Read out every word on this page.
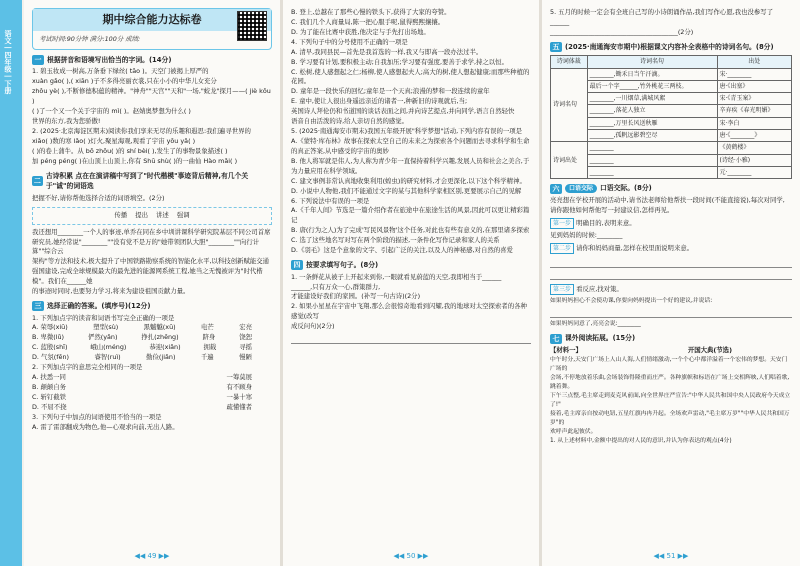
语文 | 四年级 | 下册
期中综合能力达标卷
考试时间:90分钟 满分:100分 成绩:
一 根据拼音和语境写出恰当的字词。(14分)
1. 碧玉妆成一树高,万条垂下绿丝( tāo )。天空门被揭上厚严的
xuàn gǎo( ),( xiān )子不多得亮丽衣裳,只在小小的中华儿女充分
zhǒu yè( ),不断修德积蕴的精神。"神舟""天宫""天和"一场,"蛟龙"探月——( jiè kǒu )
( )了一个又一个关于宇宙的 mì( )。赵婧奥梦想为什么( )
世界的东方,我为您骄傲!
2. (2025·北京海淀区期末)阅读你我们享来无尽的乐趣和遐思:我们遍寻世界的
xiǎo( )数的寒 lǎo( )灯火,聚星海观,观看了宇宙 yōu yǎ( )
( )的卷上蒲牛。从 bō zhōu( )的 shí bèi( ),发生了的事物景象描述( )
加 péng péng( )在山顶上山顶上,你有 Shū shù( )的一曲仙 Hào mǎi( )
二
古诗积累 点在在演讲稿中写到了"时代楷模"事迹背后精神,有几个关于"诚"的词语选
把握不好,请你帮他选择合适的词语填空。(2分)
传播 提出 讲述 强调
我还想用________一个人的事迹,单乔在同在乡中圳讲课科学研究院基层不同公司首席
研究员,她经常说"________""没有党不是万的"她带领团队大胆"________""向行计算""综合云
架构"等方法和技术,极大提升了中国铁路勘察系统的智能化水平,以科技创新赋能交通
强国建设,完成全球规模最大的最先进的能源网系统工程,她当之无愧被评为"时代楷模"。我们在______她
的事迹时同时,也要努力学习,将来为建设祖国贡献力量。
三 选择正确的答案。(填序号)(12分)
1. 下列加点字的读音和词语书写完全正确的一项是
A. 荣辱(xiū)	塑型(sù)	黑魆魆(xū)	电芒	宏亮
B. 卑微(lǔ)	俨然(yǎn)	挣扎(zhēng)	跻身	饶恕
C. 蓝殷(shī)	峨山(méng)	恭迎(xiǎn)	拥载	寻摇
D. 气氛(fēn)	睿智(ruì)	勤俭(jiǎn)	千遍	慢陋
2. 下列加点字的意思完全相同的一项是
A. 扶悉一同	一筹莫展
B. 颠颠自务	有不顾身
C. 斩钉截铁	一暴十寒
D. 不屈不挠	疏懂懂者
3. 下列句子中加点的词语使用不恰当的一项是
A. 雷了雷部翻成为物色,他—心观求向前,无出人路。
◀◀ 49 ▶▶
B. 登上,总越在了那些心慢的铁头下,获得了大家的夸赞。
C. 我们几个人商量局,陈一把心服手呢,鼠得熙熙攘攘。
D. 为了能在比赛中获胜,他决定与手先打出场地。
4. 下列句子中的分号使用不正确的一项是
A. 清早,我同县民—首先是我首选的一样,我又与即高一段办法过半。
B. 学习要有计划,要积极主动;自我加压;学习要有强度,要善于求学,持之以恒。
C. 松树,使人感想起之仁;杨柳,使人感想起夫人;高大的树,使人想起健康;而那些种植的花园。
D. 童年是一段快乐的回忆;童年是一个天真;浪漫的梦和一段连续的童年
E. 童中,使让人很出身遥远亲近的诸者一,种新旧的诗观就后,当;
英国诗人拜伦仍和书道国的谈话表面之间,并向诗艺提点,并向同学,语言自然轻快
语音自由活泼的诗,给人亲切自然的感觉。
5. (2025·南通海安市期末)我国五年级开展"科学梦想"活动,下列内容有误的一项是
A.《蒙特·库布林》故事在探索太空自己的未来之为探索各个问题而去寻求科学和生命的真正答案,从中感受的宇宙的奥妙
B. 他人将军就是伟人,为人称为青少年一直保持着科学兴趣,发展人员和社会之美合,于为力量应用在科学领域。
C. 建文事例非常认真地收集利用(蝗虫)的研究材料,才会更深化,以下这个科学精神。
D. 小说中人物他,我们不能通过文字的某与其他科学家相区别,更要展示自己的见解
6. 下列说法中有误的一项是
A.《千年人间》节选是一篇介绍作者在旅途中在旅途生活的风景,因此可以更让精彩篇记
B. 唐(行为之人)为了完成'写民风景物'这个任务,对此也有些有意义的,在那里诸多探索
C. 选了这些地名写对写在两个阶段的描述,一条件化写作记录和家人的关系
D.《羽毛》这是个意象的文字、引起广泛的关注,以及人的神秘感,对自然的喜爱
四 按要求填写句子。(8分)
1. 一条鲜花从被子上开起来到你,一眼就看见蔚蓝的天空,我即相当于______
______,只有万众一心,群策群力,
才能建设好我们的家园。(补写一句古诗)(2分)
2. 如果小星星在宇宙中飞翔,那么会很惊奇地看到闪耀,我的地球对太空探索者的各种感觉(改写
成反问句)(2分)
◀◀ 50 ▶▶
5. 五月的时候一定会有全班自己写的小诗朗诵作品,我们写作心愿,我也没参写了______
________________________________________(2分)
五 (2025·南通海安市期中)根据课文内容补全表格中的诗词名句。(8分)
诗词体裁	诗词名句	出处
诗词名句	________,锄禾日当午汗滴。	宋·________
	最后一个字______,竹外桃花三两枝。	唐·《出塞》
	________,一川烟草,满城风絮	宋·《青玉案》
	________,落花人独立	辛弃疾《春光明媚》
	________,万里长风送秋雁	宋·李白
	________,孤帆远影碧空尽	唐·《________》
诗词出处	________	《黄鹤楼》
	________	(诗经·小雅)
	________	元·________
六	口语交际	口语交际。(8分)
亮亮想在学校开展的活动中,请书法老师给他帮扶一段时间(不能直接说),每次对同学,
请你跟他如何帮他写一封建议信,怎样再见。
第一步 明确目的,表明来意。
见到妈妈的时候:________
第二步 请你和妈妈商量,怎样在校里面说明来意。
第三步 看反应,找对策。
如果妈妈担心不会使功课,你要向妈妈提出一个好的建议,并说话:
如果妈妈同意了,亮亮会说:________
七 课外阅读拓展。(15分)
【材料一】	开国大典(节选)
中午时分,天安门广场上人山人海,人们情绪激动,一个个心中都洋溢着一个宏伟的梦想。天安门广场的
会场,不停地放着乐曲,会场装饰得隆重而庄严。各种旗帜和标语在广场上交相辉映,人们唱着歌,跳着舞。
下午三点整,毛主席走到麦克风前面,向全世界庄严宣告:"中华人民共和国中央人民政府今天成立了!"
接着,毛主席亲自按动电钮,五星红旗冉冉升起。全场欢声雷动,"毛主席万岁""中华人民共和国万岁"的
欢呼声此起彼伏。
1. 从上述材料中,金额中提出的对人民的意识,并认为你表达的观点(4分)
◀◀ 51 ▶▶
